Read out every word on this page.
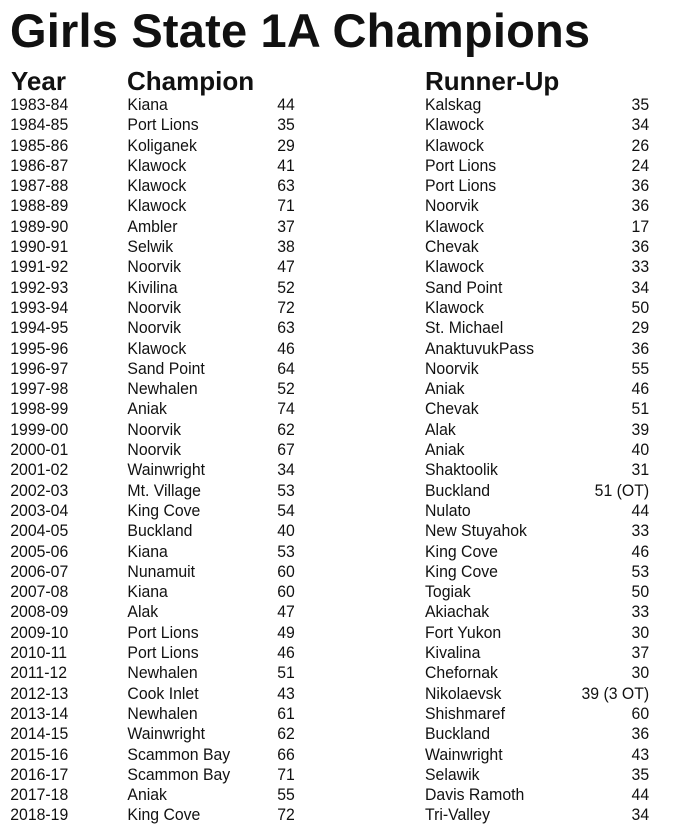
Girls State 1A Champions
Year Champion	Runner-Up
1983-84	Kiana	44	Kalskag	35
1984-85	Port Lions	35	Klawock	34
1985-86	Koliganek	29	Klawock	26
1986-87	Klawock	41	Port Lions	24
1987-88	Klawock	63	Port Lions	36
1988-89	Klawock	71	Noorvik	36
1989-90	Ambler	37	Klawock	17
1990-91	Selwik	38	Chevak	36
1991-92	Noorvik	47	Klawock	33
1992-93	Kivilina	52	Sand Point	34
1993-94	Noorvik	72	Klawock	50
1994-95	Noorvik	63	St. Michael	29
1995-96	Klawock	46	AnaktuvukPass	36
1996-97	Sand Point	64	Noorvik	55
1997-98	Newhalen	52	Aniak	46
1998-99	Aniak	74	Chevak	51
1999-00	Noorvik	62	Alak	39
2000-01	Noorvik	67	Aniak	40
2001-02	Wainwright	34	Shaktoolik	31
2002-03	Mt. Village	53	Buckland	51 (OT)
2003-04	King Cove	54	Nulato	44
2004-05	Buckland	40	New Stuyahok	33
2005-06	Kiana	53	King Cove	46
2006-07	Nunamuit	60	King Cove	53
2007-08	Kiana	60	Togiak	50
2008-09	Alak	47	Akiachak	33
2009-10	Port Lions	49	Fort Yukon	30
2010-11	Port Lions	46	Kivalina	37
2011-12	Newhalen	51	Chefornak	30
2012-13	Cook Inlet	43	Nikolaevsk	39 (3 OT)
2013-14	Newhalen	61	Shishmaref	60
2014-15	Wainwright	62	Buckland	36
2015-16	Scammon Bay	66	Wainwright	43
2016-17	Scammon Bay	71	Selawik	35
2017-18	Aniak	55	Davis Ramoth	44
2018-19	King Cove	72	Tri-Valley	34
